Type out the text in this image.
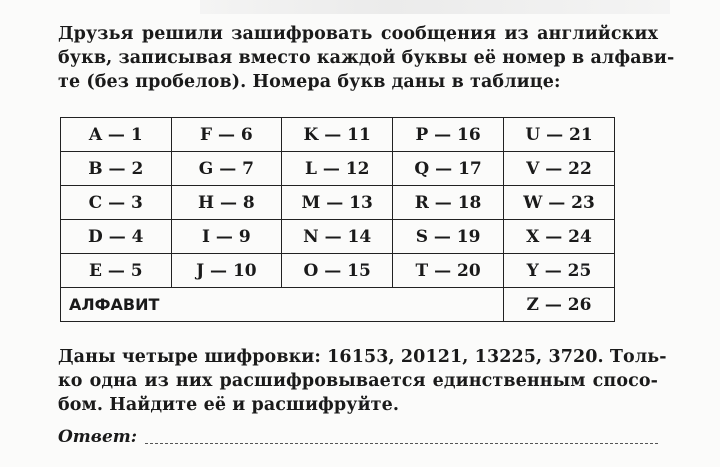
Друзья решили зашифровать сообщения из английских
букв, записывая вместо каждой буквы её номер в алфави-
те (без пробелов). Номера букв даны в таблице:
A — 1	F — 6	K — 11	P — 16	U — 21
B — 2	G — 7	L — 12	Q — 17	V — 22
C — 3	H — 8	M — 13	R — 18	W — 23
D — 4	I — 9	N — 14	S — 19	X — 24
E — 5	J — 10	O — 15	T — 20	Y — 25
АЛФАВИТ				Z — 26
Даны четыре шифровки: 16153, 20121, 13225, 3720. Толь-
ко одна из них расшифровывается единственным спосо-
бом. Найдите её и расшифруйте.
Ответ:
